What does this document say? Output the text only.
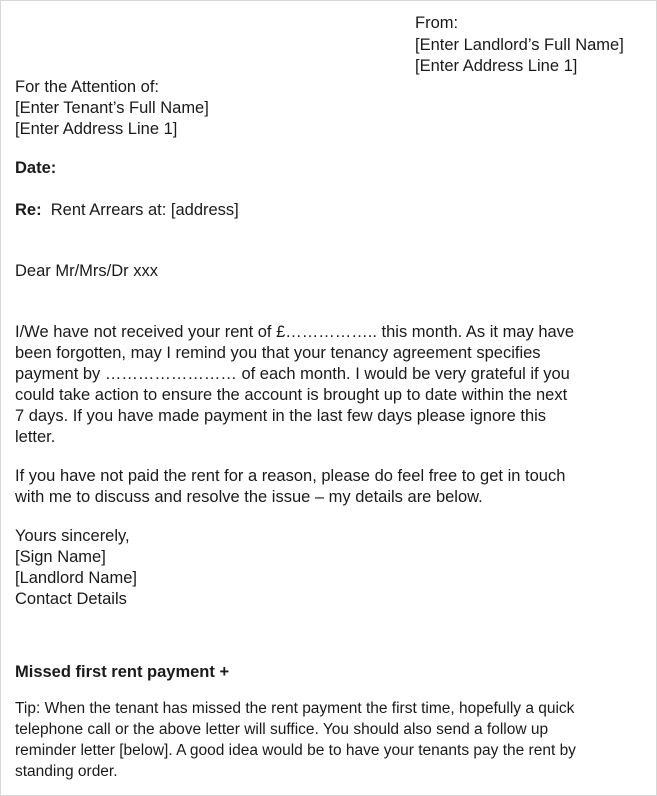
From:
[Enter Landlord’s Full Name]
[Enter Address Line 1]
For the Attention of:
[Enter Tenant’s Full Name]
[Enter Address Line 1]
Date:
Re: Rent Arrears at: [address]
Dear Mr/Mrs/Dr xxx
I/We have not received your rent of £…………….. this month. As it may have
been forgotten, may I remind you that your tenancy agreement specifies
payment by …………………… of each month. I would be very grateful if you
could take action to ensure the account is brought up to date within the next
7 days. If you have made payment in the last few days please ignore this
letter.
If you have not paid the rent for a reason, please do feel free to get in touch
with me to discuss and resolve the issue – my details are below.
Yours sincerely,
[Sign Name]
[Landlord Name]
Contact Details
Missed first rent payment +
Tip: When the tenant has missed the rent payment the first time, hopefully a quick
telephone call or the above letter will suffice. You should also send a follow up
reminder letter [below]. A good idea would be to have your tenants pay the rent by
standing order.
